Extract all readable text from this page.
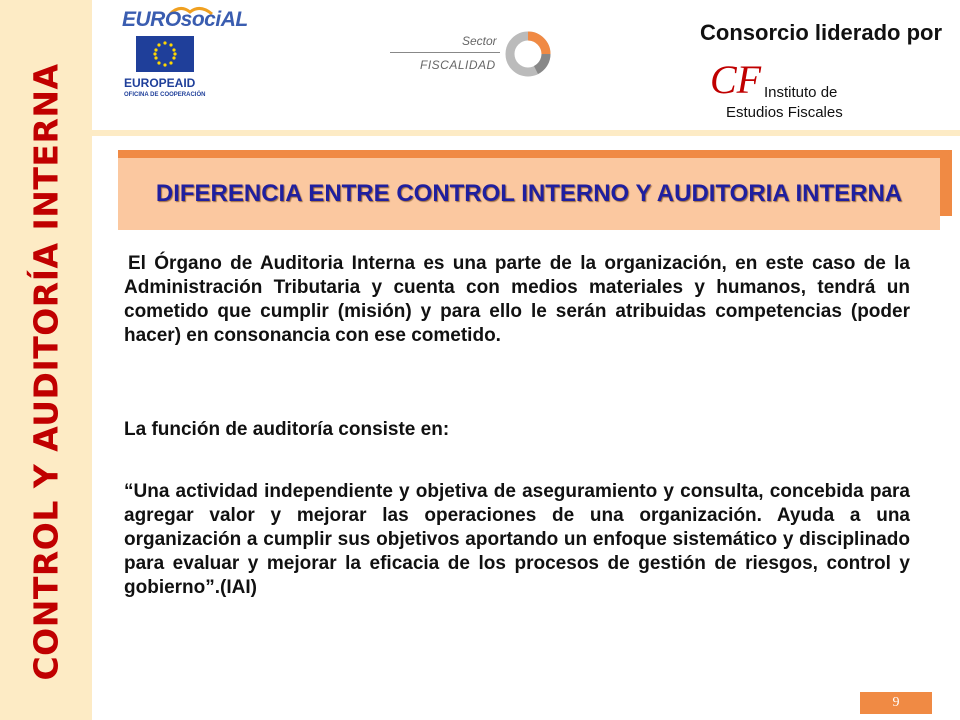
CONTROL Y AUDITORÍA INTERNA
EUROsociAL
EUROPEAID
OFICINA DE COOPERACIÓN
Sector
FISCALIDAD
Consorcio liderado por
CF Instituto de
Estudios Fiscales
DIFERENCIA ENTRE CONTROL INTERNO Y AUDITORIA INTERNA
El Órgano de Auditoria Interna es una parte de la organización, en este caso de la Administración Tributaria y cuenta con medios materiales y humanos, tendrá un cometido que cumplir (misión) y para ello le serán atribuidas competencias (poder hacer) en consonancia con ese cometido.
La función de auditoría consiste en:
“Una actividad independiente y objetiva de aseguramiento y consulta, concebida para agregar valor y mejorar las operaciones de una organización. Ayuda a una organización a cumplir sus objetivos aportando un enfoque sistemático y disciplinado para evaluar y mejorar la eficacia de los procesos de gestión de riesgos, control y gobierno”.(IAI)
9
